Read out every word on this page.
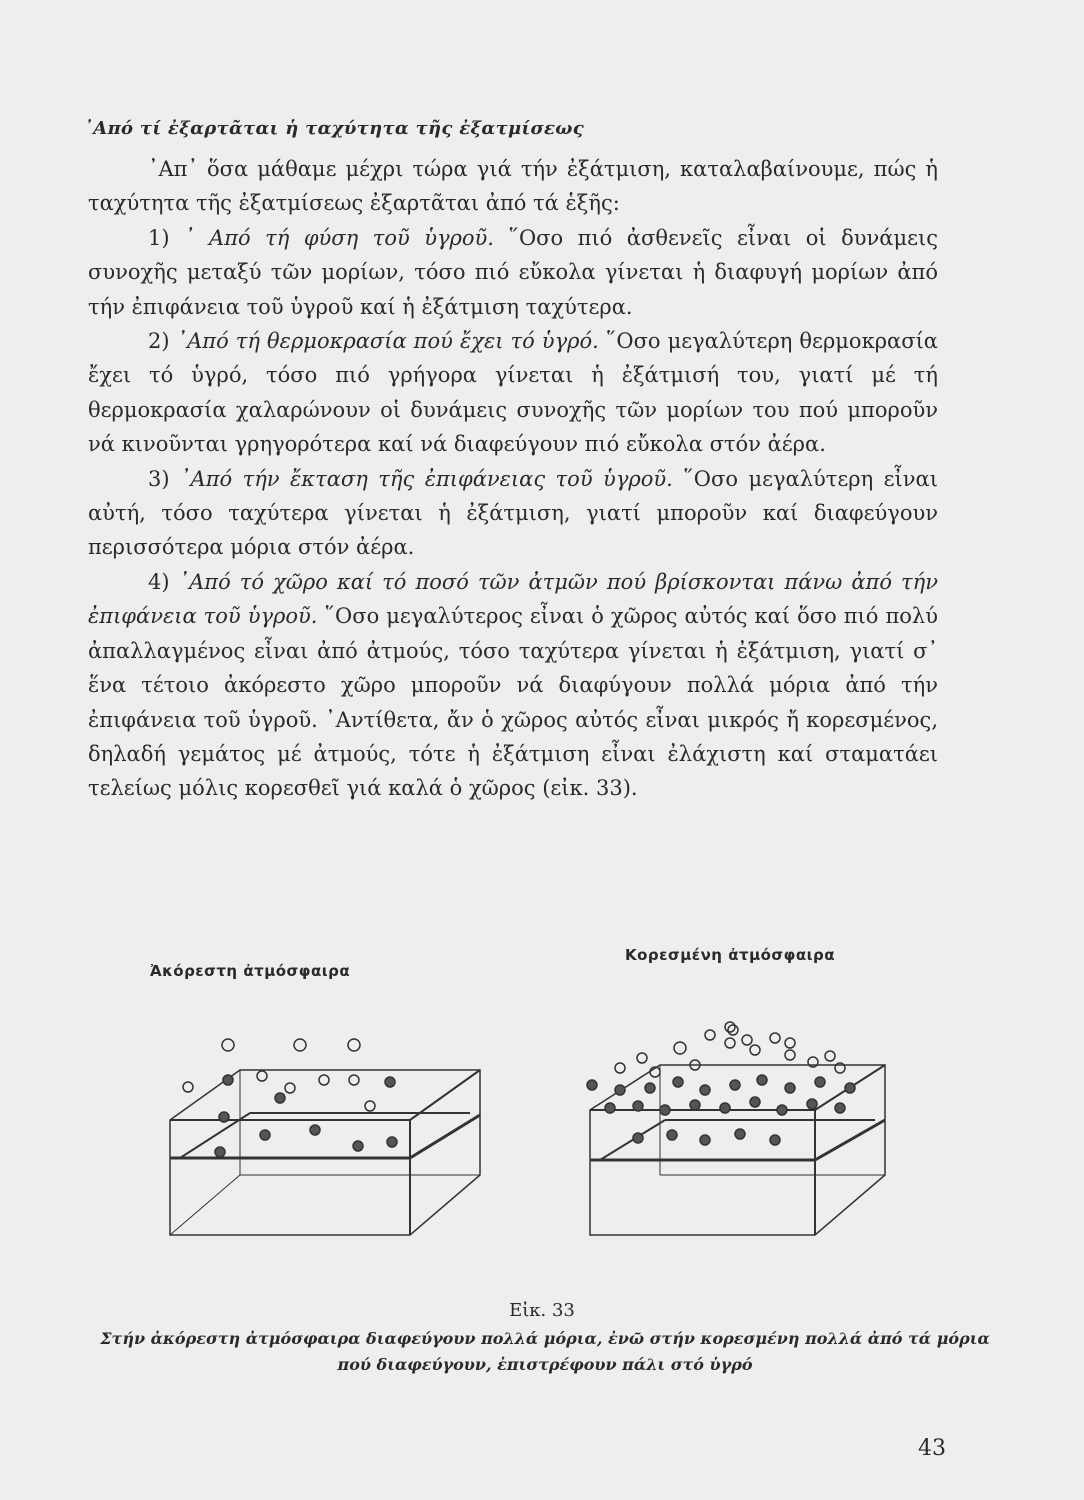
᾿Από τί ἐξαρτᾶται ἡ ταχύτητα τῆς ἐξατμίσεως

᾿Απ᾿ ὅσα μάθαμε μέχρι τώρα γιά τήν ἐξάτμιση, καταλαβαίνουμε, πώς ἡ ταχύτητα τῆς ἐξατμίσεως ἐξαρτᾶται ἀπό τά ἑξῆς:

1) ᾿ Από τή φύση τοῦ ὑγροῦ. ῞Οσο πιό ἀσθενεῖς εἶναι οἱ δυνάμεις συνοχῆς μεταξύ τῶν μορίων, τόσο πιό εὔκολα γίνεται ἡ διαφυγή μορίων ἀπό τήν ἐπιφάνεια τοῦ ὑγροῦ καί ἡ ἐξάτμιση ταχύτερα.

2) ᾿Από τή θερμοκρασία πού ἔχει τό ὑγρό. ῞Οσο μεγαλύτερη θερμοκρασία ἔχει τό ὑγρό, τόσο πιό γρήγορα γίνεται ἡ ἐξάτμισή του, γιατί μέ τή θερμοκρασία χαλαρώνουν οἱ δυνάμεις συνοχῆς τῶν μορίων του πού μποροῦν νά κινοῦνται γρηγορότερα καί νά διαφεύγουν πιό εὔκολα στόν ἀέρα.

3) ᾿Από τήν ἔκταση τῆς ἐπιφάνειας τοῦ ὑγροῦ. ῞Οσο μεγαλύτερη εἶναι αὐτή, τόσο ταχύτερα γίνεται ἡ ἐξάτμιση, γιατί μποροῦν καί διαφεύγουν περισσότερα μόρια στόν ἀέρα.

4) ᾿Από τό χῶρο καί τό ποσό τῶν ἀτμῶν πού βρίσκονται πάνω ἀπό τήν ἐπιφάνεια τοῦ ὑγροῦ. ῞Οσο μεγαλύτερος εἶναι ὁ χῶρος αὐτός καί ὅσο πιό πολύ ἀπαλλαγμένος εἶναι ἀπό ἀτμούς, τόσο ταχύτερα γίνεται ἡ ἐξάτμιση, γιατί σ᾿ ἕνα τέτοιο ἀκόρεστο χῶρο μποροῦν νά διαφύγουν πολλά μόρια ἀπό τήν ἐπιφάνεια τοῦ ὑγροῦ. ᾿Αντίθετα, ἄν ὁ χῶρος αὐτός εἶναι μικρός ἤ κορεσμένος, δηλαδή γεμάτος μέ ἀτμούς, τότε ἡ ἐξάτμιση εἶναι ἐλάχιστη καί σταματάει τελείως μόλις κορεσθεῖ γιά καλά ὁ χῶρος (εἰκ. 33).

Ἀκόρεστη ἀτμόσφαιρα
Κορεσμένη ἀτμόσφαιρα
Εἰκ. 33
Στήν ἀκόρεστη ἀτμόσφαιρα διαφεύγουν πολλά μόρια, ἐνῶ στήν κορεσμένη πολλά ἀπό τά μόρια πού διαφεύγουν, ἐπιστρέφουν πάλι στό ὑγρό
43
